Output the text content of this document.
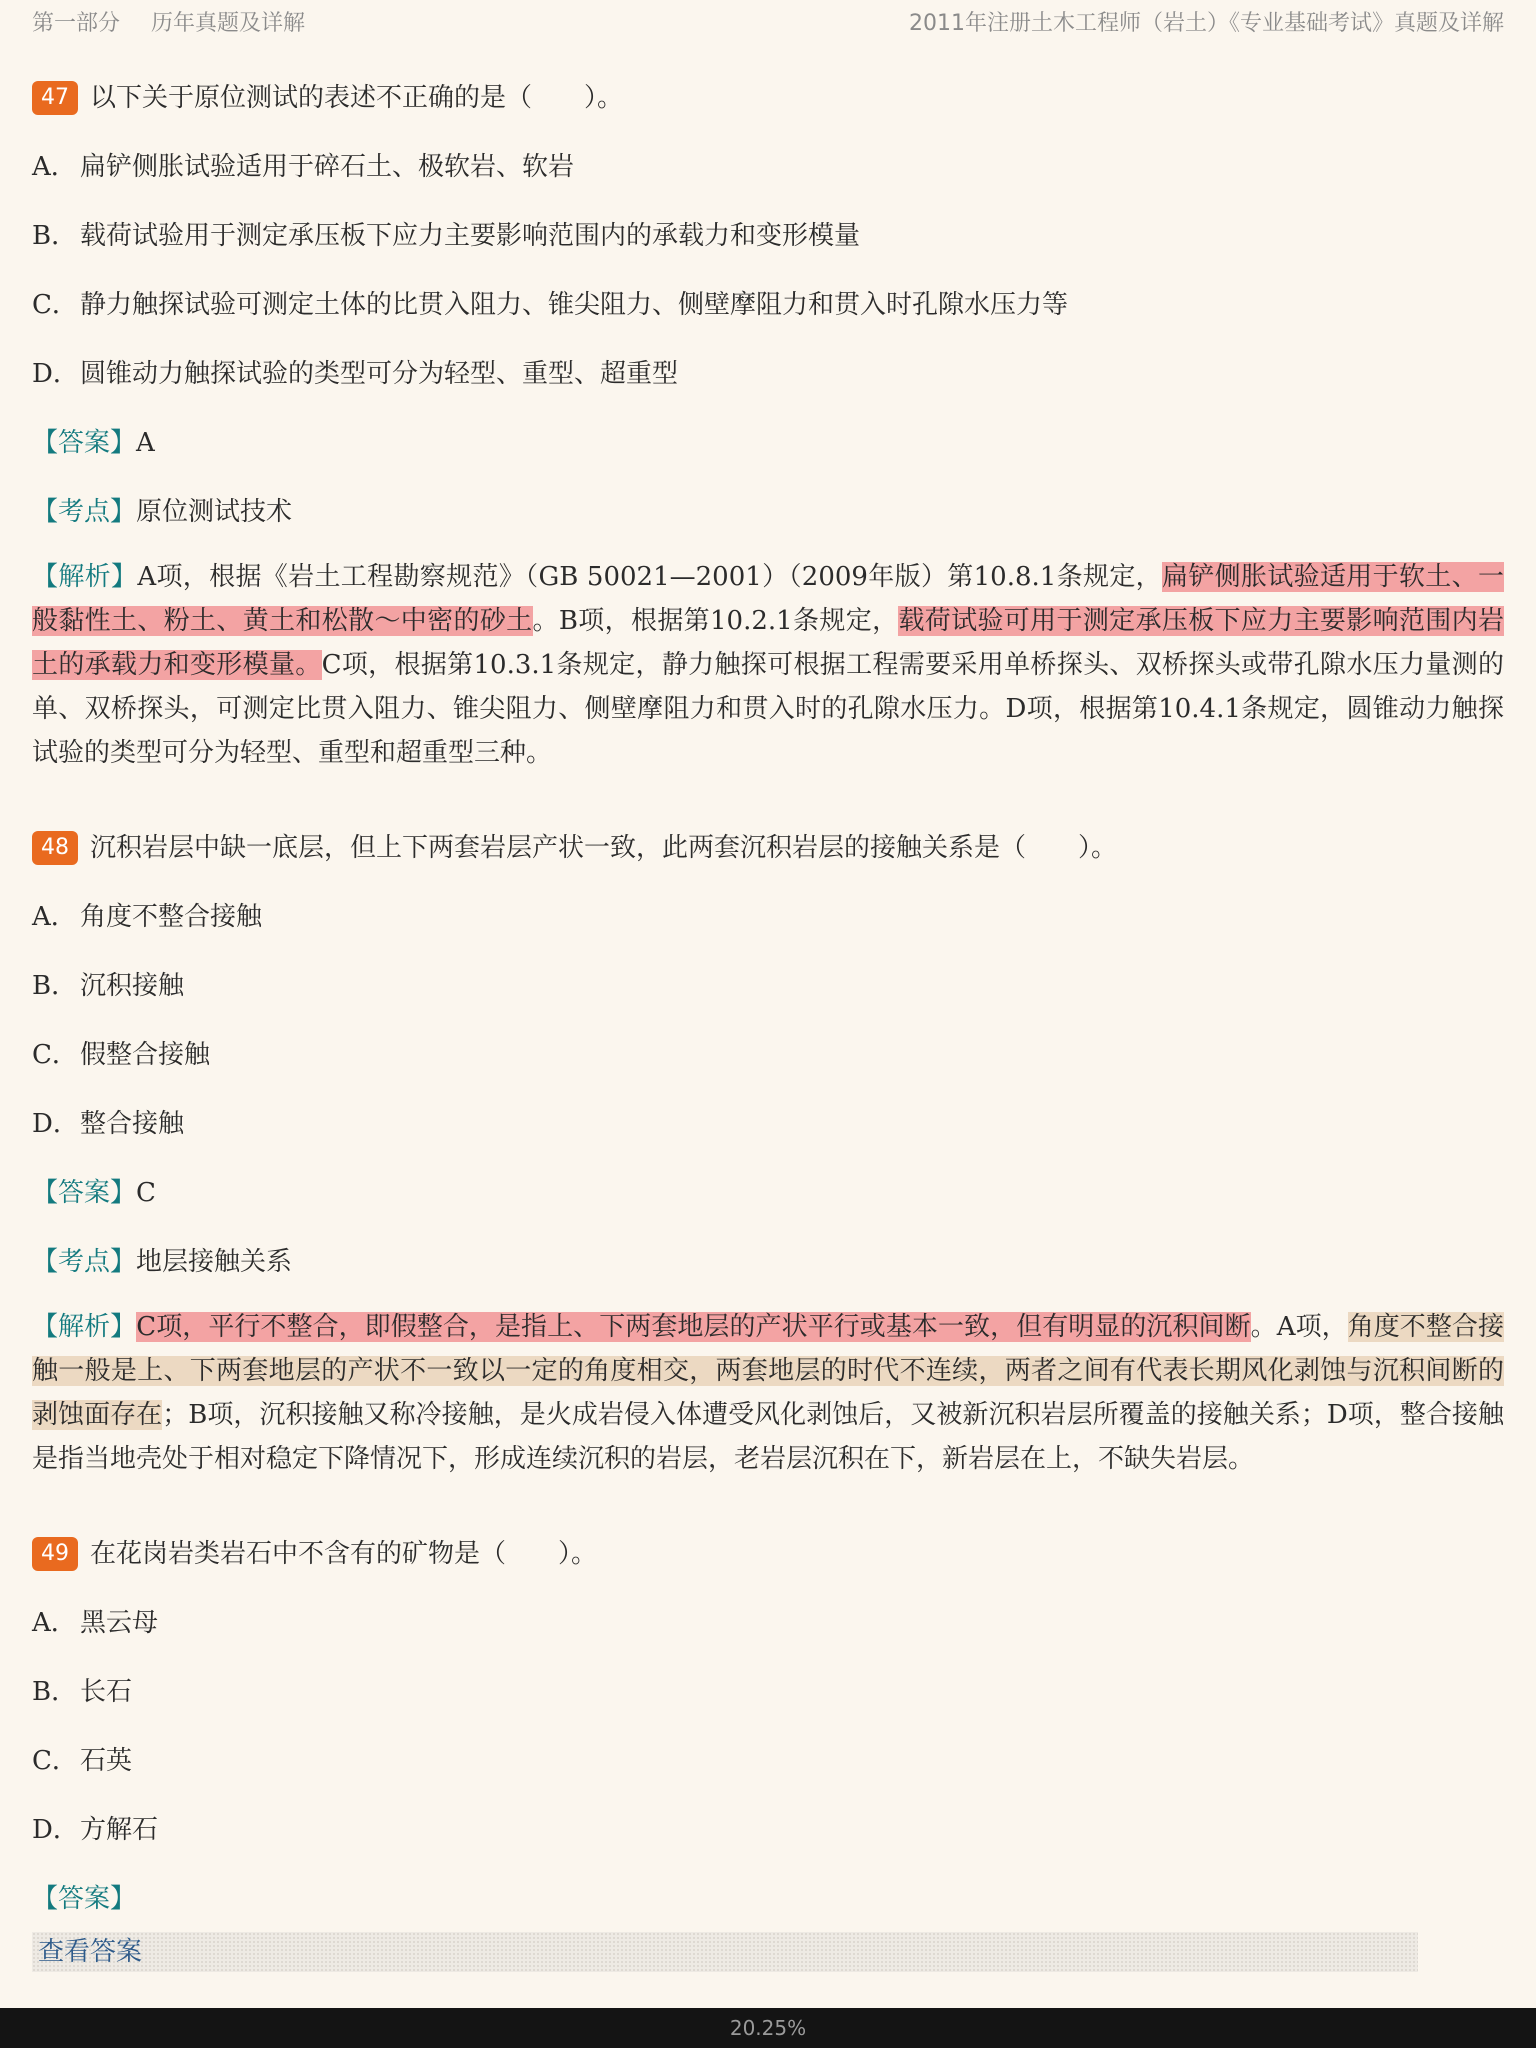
第一部分 历年真题及详解	2011年注册土木工程师（岩土）《专业基础考试》真题及详解
47 以下关于原位测试的表述不正确的是（　　）。
A． 扁铲侧胀试验适用于碎石土、极软岩、软岩
B． 载荷试验用于测定承压板下应力主要影响范围内的承载力和变形模量
C． 静力触探试验可测定土体的比贯入阻力、锥尖阻力、侧壁摩阻力和贯入时孔隙水压力等
D． 圆锥动力触探试验的类型可分为轻型、重型、超重型
【答案】A
【考点】原位测试技术
【解析】A项，根据《岩土工程勘察规范》（GB 50021—2001）（2009年版）第10.8.1条规定，扁铲侧胀试验适用于软土、一般黏性土、粉土、黄土和松散～中密的砂土。B项，根据第10.2.1条规定，载荷试验可用于测定承压板下应力主要影响范围内岩土的承载力和变形模量。C项，根据第10.3.1条规定，静力触探可根据工程需要采用单桥探头、双桥探头或带孔隙水压力量测的单、双桥探头，可测定比贯入阻力、锥尖阻力、侧壁摩阻力和贯入时的孔隙水压力。D项，根据第10.4.1条规定，圆锥动力触探试验的类型可分为轻型、重型和超重型三种。
48 沉积岩层中缺一底层，但上下两套岩层产状一致，此两套沉积岩层的接触关系是（　　）。
A． 角度不整合接触
B． 沉积接触
C． 假整合接触
D． 整合接触
【答案】C
【考点】地层接触关系
【解析】C项，平行不整合，即假整合，是指上、下两套地层的产状平行或基本一致，但有明显的沉积间断。A项，角度不整合接触一般是上、下两套地层的产状不一致以一定的角度相交，两套地层的时代不连续，两者之间有代表长期风化剥蚀与沉积间断的剥蚀面存在；B项，沉积接触又称冷接触，是火成岩侵入体遭受风化剥蚀后，又被新沉积岩层所覆盖的接触关系；D项，整合接触是指当地壳处于相对稳定下降情况下，形成连续沉积的岩层，老岩层沉积在下，新岩层在上，不缺失岩层。
49 在花岗岩类岩石中不含有的矿物是（　　）。
A． 黑云母
B． 长石
C． 石英
D． 方解石
【答案】查看答案
20.25%
